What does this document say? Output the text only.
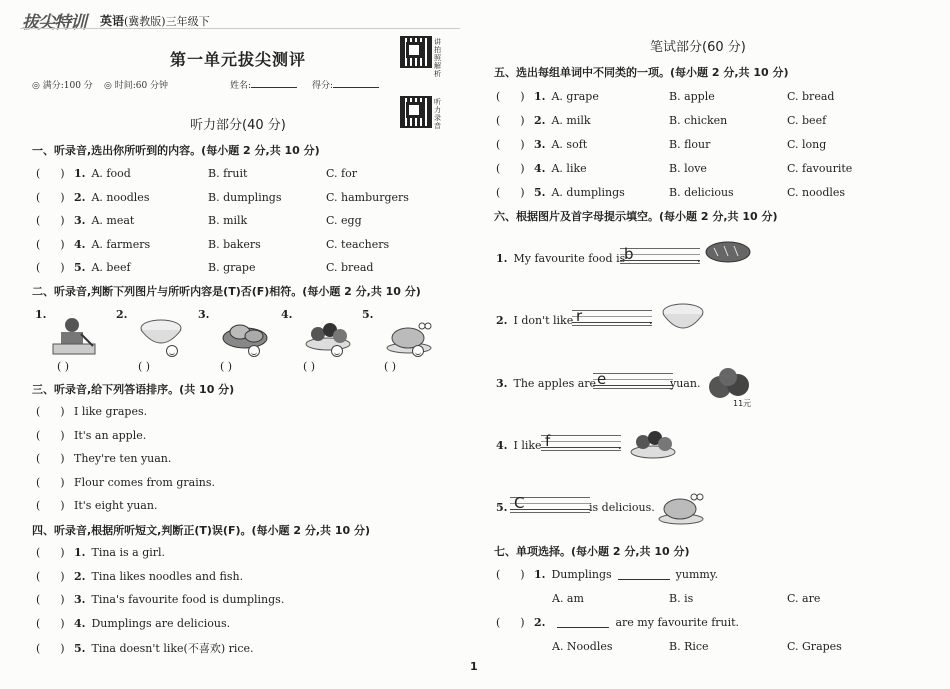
拔尖特训 英语(冀教版)三年级下
第一单元拔尖测评
讲拍照解析
听力录音
◎ 满分:100 分 ◎ 时间:60 分钟	姓名:	得分:
听力部分(40 分)
一、听录音,选出你所听到的内容。(每小题 2 分,共 10 分)
( )
1. A. food	B. fruit	C. for
( )
2. A. noodles	B. dumplings	C. hamburgers
( )
3. A. meat	B. milk	C. egg
( )
4. A. farmers	B. bakers	C. teachers
( )
5. A. beef	B. grape	C. bread
二、听录音,判断下列图片与所听内容是(T)否(F)相符。(每小题 2 分,共 10 分)
1.
( )
2.
( )
3.
( )
4.
( )
5.
( )
三、听录音,给下列答语排序。(共 10 分)
( )
I like grapes.
( )
It's an apple.
( )
They're ten yuan.
( )
Flour comes from grains.
( )
It's eight yuan.
四、听录音,根据所听短文,判断正(T)误(F)。(每小题 2 分,共 10 分)
( )
1. Tina is a girl.
( )
2. Tina likes noodles and fish.
( )
3. Tina's favourite food is dumplings.
( )
4. Dumplings are delicious.
( )
5. Tina doesn't like(不喜欢) rice.
笔试部分(60 分)
五、选出每组单词中不同类的一项。(每小题 2 分,共 10 分)
( )
1. A. grape	B. apple	C. bread
( )
2. A. milk	B. chicken	C. beef
( )
3. A. soft	B. flour	C. long
( )
4. A. like	B. love	C. favourite
( )
5. A. dumplings	B. delicious	C. noodles
六、根据图片及首字母提示填空。(每小题 2 分,共 10 分)
1. My favourite food is
b	.
2. I don't like r	.
3. The apples are e	yuan.
4. I like f	.
5. C	is delicious.
11元
七、单项选择。(每小题 2 分,共 10 分)
( )
1. Dumplings	yummy.
A. am	B. is	C. are
( )
2.	are my favourite fruit.
A. Noodles	B. Rice	C. Grapes
1
